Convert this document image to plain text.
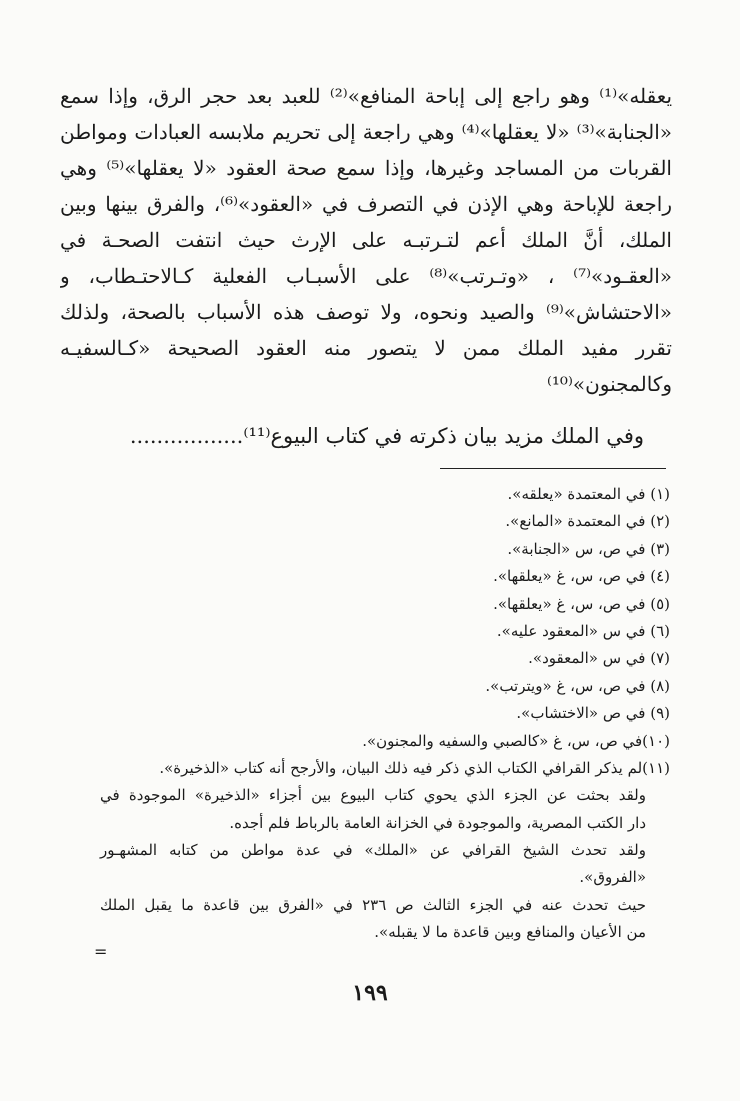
يعقله»⁽¹⁾ وهو راجع إلى إباحة المنافع»⁽²⁾ للعبد بعد حجر الرق، وإذا سمع
«الجنابة»⁽³⁾ «لا يعقلها»⁽⁴⁾ وهي راجعة إلى تحريم ملابسه العبادات ومواطن
القربات من المساجد وغيرها، وإذا سمع صحة العقود «لا يعقلها»⁽⁵⁾ وهي
راجعة للإباحة وهي الإذن في التصرف في «العقود»⁽⁶⁾، والفرق بينها وبين
الملك، أنَّ الملك أعم لتـرتبـه على الإرث حيث انتفت الصحـة في
«العقـود»⁽⁷⁾ ، «وتـرتب»⁽⁸⁾ على الأسبـاب الفعلية كـالاحتـطاب، و
«الاحتشاش»⁽⁹⁾ والصيد ونحوه، ولا توصف هذه الأسباب بالصحة، ولذلك
تقرر مفيد الملك ممن لا يتصور منه العقود الصحيحة «كـالسفيـه
وكالمجنون»⁽¹⁰⁾
وفي الملك مزيد بيان ذكرته في كتاب البيوع⁽¹¹⁾.................
(١) في المعتمدة «يعلقه».
(٢) في المعتمدة «المانع».
(٣) في ص، س «الجنابة».
(٤) في ص، س، غ «يعلقها».
(٥) في ص، س، غ «يعلقها».
(٦) في س «المعقود عليه».
(٧) في س «المعقود».
(٨) في ص، س، غ «ويترتب».
(٩) في ص «الاختشاب».
(١٠)في ص، س، غ «كالصبي والسفيه والمجنون».
(١١)لم يذكر القرافي الكتاب الذي ذكر فيه ذلك البيان، والأرجح أنه كتاب «الذخيرة».
ولقد بحثت عن الجزء الذي يحوي كتاب البيوع بين أجزاء «الذخيرة» الموجودة في
دار الكتب المصرية، والموجودة في الخزانة العامة بالرباط فلم أجده.
ولقد تحدث الشيخ القرافي عن «الملك» في عدة مواطن من كتابه المشهـور
«الفروق».
حيث تحدث عنه في الجزء الثالث ص ٢٣٦ في «الفرق بين قاعدة ما يقبل الملك
من الأعيان والمنافع وبين قاعدة ما لا يقبله».
=
١٩٩
